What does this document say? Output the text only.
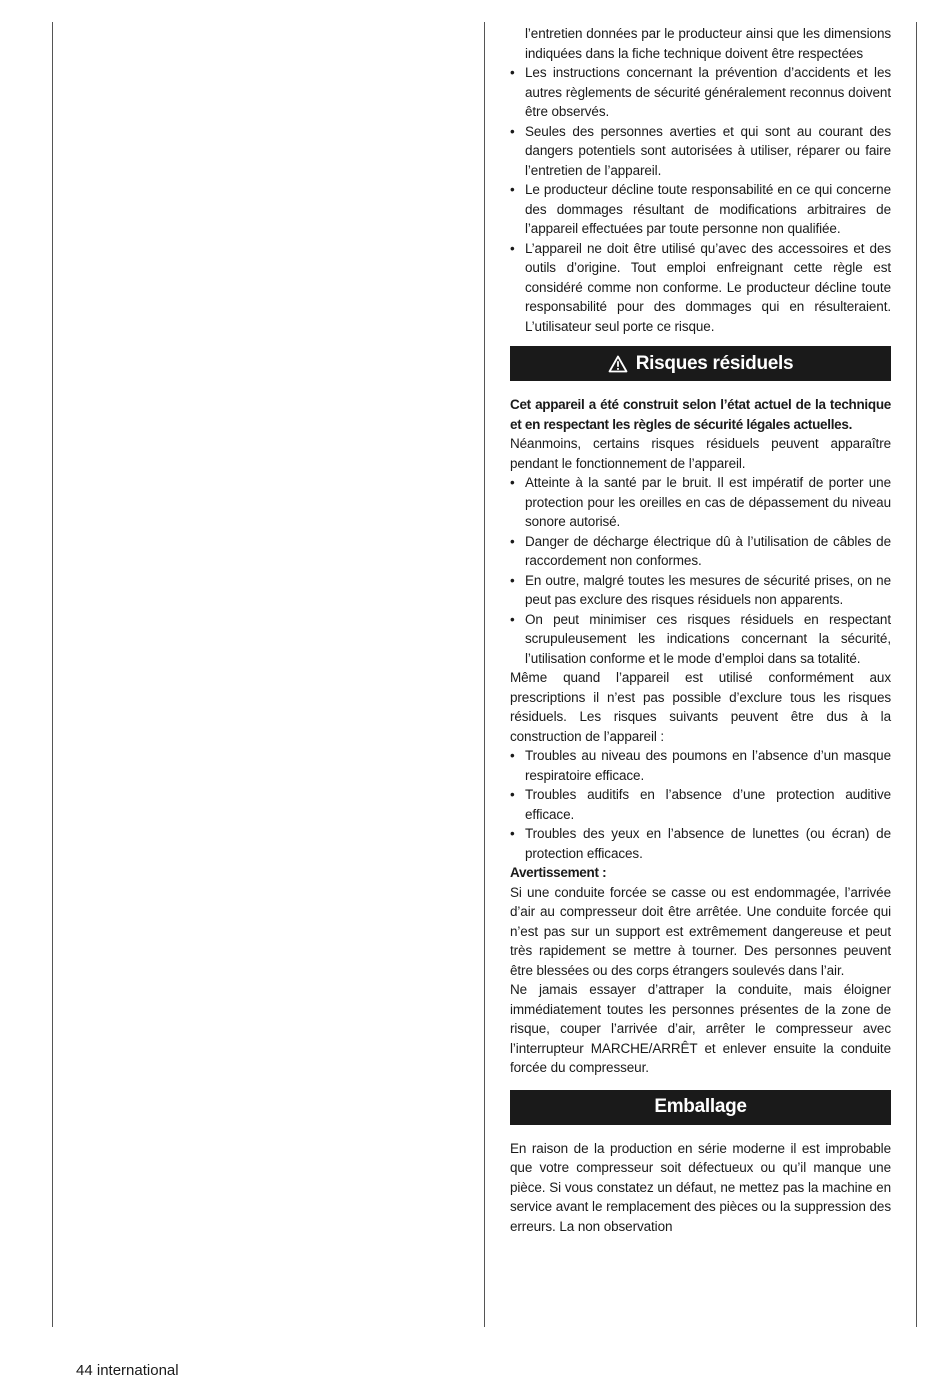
l’entretien données par le producteur ainsi que les dimensions indiquées dans la fiche technique doivent être respectées

• Les instructions concernant la prévention d’accidents et les autres règlements de sécurité généralement reconnus doivent être observés.
• Seules des personnes averties et qui sont au courant des dangers potentiels sont autorisées à utiliser, réparer ou faire l’entretien de l’appareil.
• Le producteur décline toute responsabilité en ce qui concerne des dommages résultant de modifications arbitraires de l’appareil effectuées par toute personne non qualifiée.
• L’appareil ne doit être utilisé qu’avec des accessoires et des outils d’origine. Tout emploi enfreignant cette règle est considéré comme non conforme. Le producteur décline toute responsabilité pour des dommages qui en résulteraient. L’utilisateur seul porte ce risque.
Risques résiduels

Cet appareil a été construit selon l’état actuel de la technique et en respectant les règles de sécurité légales actuelles.

Néanmoins, certains risques résiduels peuvent apparaître pendant le fonctionnement de l’appareil.

• Atteinte à la santé par le bruit. Il est impératif de porter une protection pour les oreilles en cas de dépassement du niveau sonore autorisé.
• Danger de décharge électrique dû à l’utilisation de câbles de raccordement non conformes.
• En outre, malgré toutes les mesures de sécurité prises, on ne peut pas exclure des risques résiduels non apparents.
• On peut minimiser ces risques résiduels en respectant scrupuleusement les indications concernant la sécurité, l’utilisation conforme et le mode d’emploi dans sa totalité.

Même quand l’appareil est utilisé conformément aux prescriptions il n’est pas possible d’exclure tous les risques résiduels. Les risques suivants peuvent être dus à la construction de l’appareil :

• Troubles au niveau des poumons en l’absence d’un masque respiratoire efficace.
• Troubles auditifs en l’absence d’une protection auditive efficace.
• Troubles des yeux en l’absence de lunettes (ou écran) de protection efficaces.

Avertissement :

Si une conduite forcée se casse ou est endommagée, l’arrivée d’air au compresseur doit être arrêtée. Une conduite forcée qui n’est pas sur un support est extrêmement dangereuse et peut très rapidement se mettre à tourner. Des personnes peuvent être blessées ou des corps étrangers soulevés dans l’air.

Ne jamais essayer d’attraper la conduite, mais éloigner immédiatement toutes les personnes présentes de la zone de risque, couper l’arrivée d’air, arrêter le compresseur avec l’interrupteur MARCHE/ARRÊT et enlever ensuite la conduite forcée du compresseur.

Emballage

En raison de la production en série moderne il est improbable que votre compresseur soit défectueux ou qu’il manque une pièce. Si vous constatez un défaut, ne mettez pas la machine en service avant le remplacement des pièces ou la suppression des erreurs. La non observation

44 international
